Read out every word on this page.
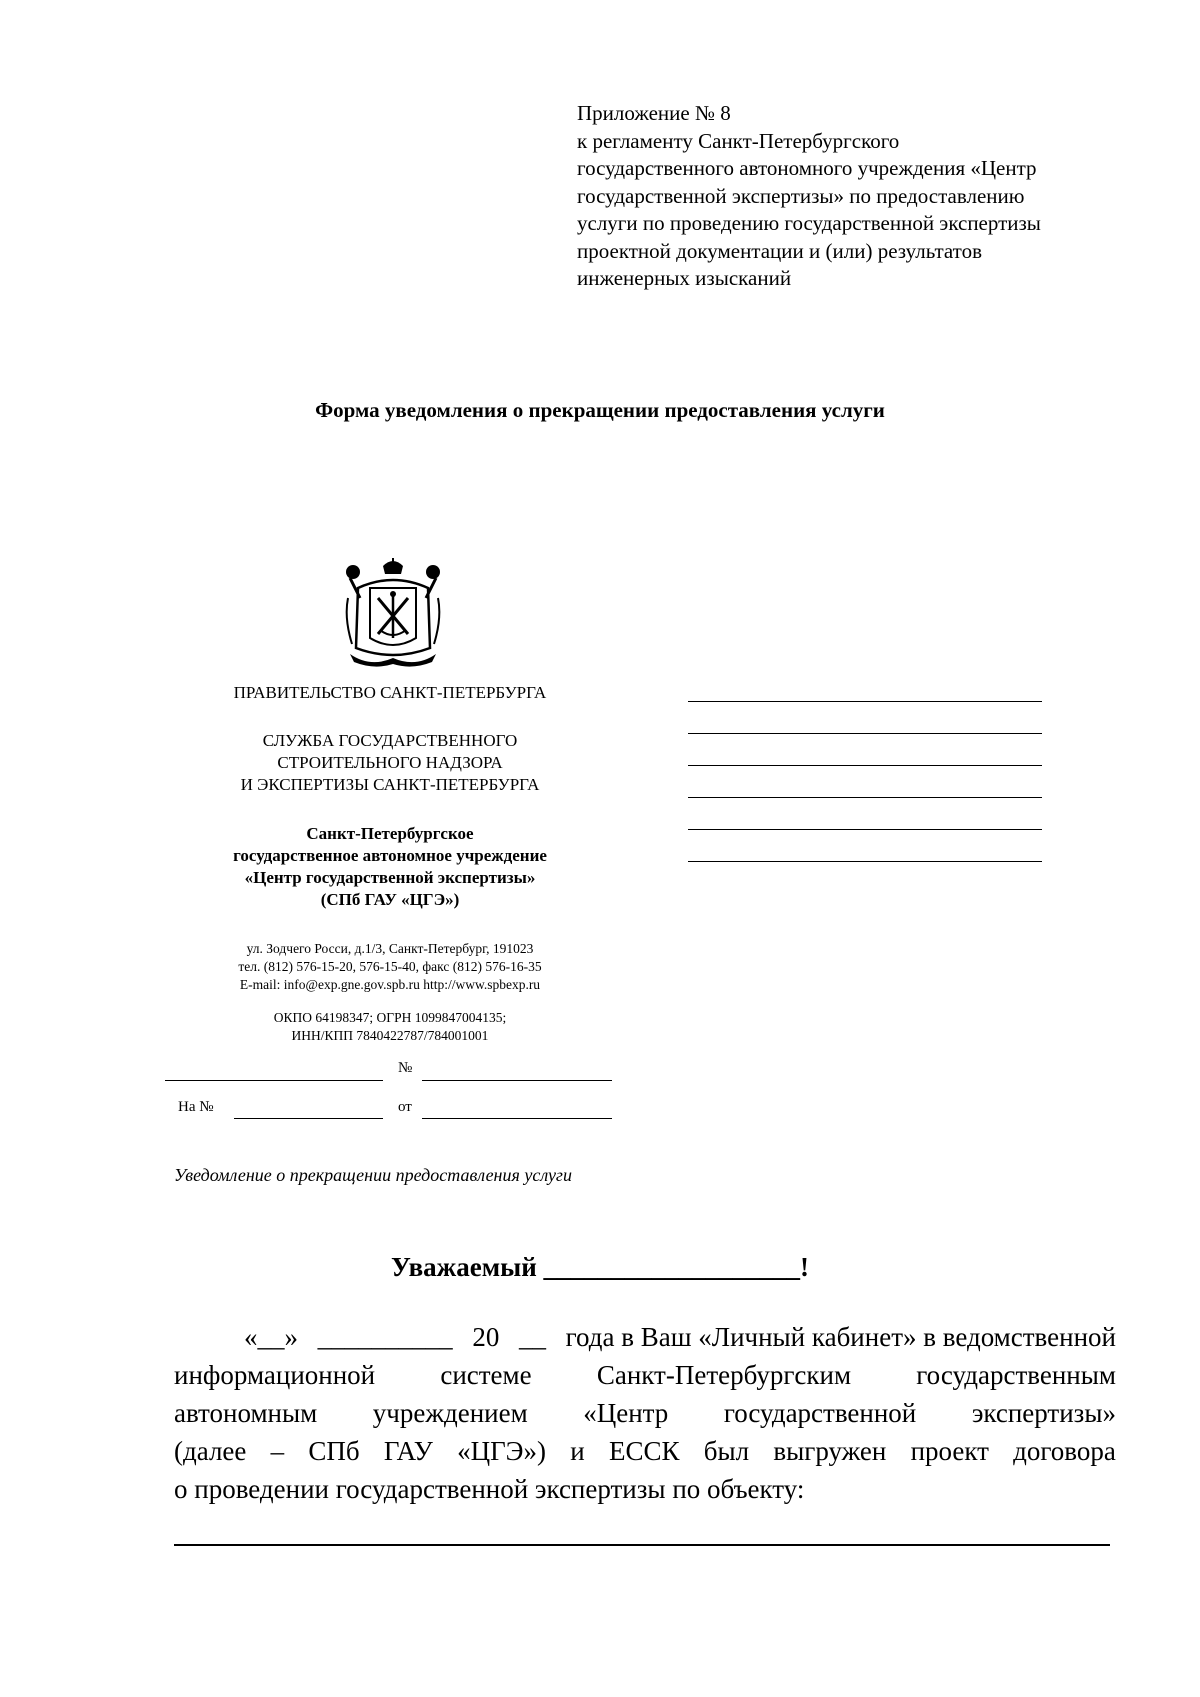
Приложение № 8
к регламенту Санкт-Петербургского
государственного автономного учреждения «Центр
государственной экспертизы» по предоставлению
услуги по проведению государственной экспертизы
проектной документации и (или) результатов
инженерных изысканий
Форма уведомления о прекращении предоставления услуги
ПРАВИТЕЛЬСТВО САНКТ-ПЕТЕРБУРГА
СЛУЖБА ГОСУДАРСТВЕННОГО
СТРОИТЕЛЬНОГО НАДЗОРА
И ЭКСПЕРТИЗЫ САНКТ-ПЕТЕРБУРГА
Санкт-Петербургское
государственное автономное учреждение
«Центр государственной экспертизы»
(СПб ГАУ «ЦГЭ»)
ул. Зодчего Росси, д.1/3, Санкт-Петербург, 191023
тел. (812) 576-15-20, 576-15-40, факс (812) 576-16-35
E-mail: info@exp.gne.gov.spb.ru http://www.spbexp.ru
ОКПО 64198347; ОГРН 1099847004135;
ИНН/КПП 7840422787/784001001
№
На №	от
Уведомление о прекращении предоставления услуги
Уважаемый ___________________!
«__» __________ 20 __ года в Ваш «Личный кабинет» в ведомственной
информационной системе Санкт-Петербургским государственным
автономным учреждением «Центр государственной экспертизы»
(далее – СПб ГАУ «ЦГЭ») и ЕССК был выгружен проект договора
о проведении государственной экспертизы по объекту:
